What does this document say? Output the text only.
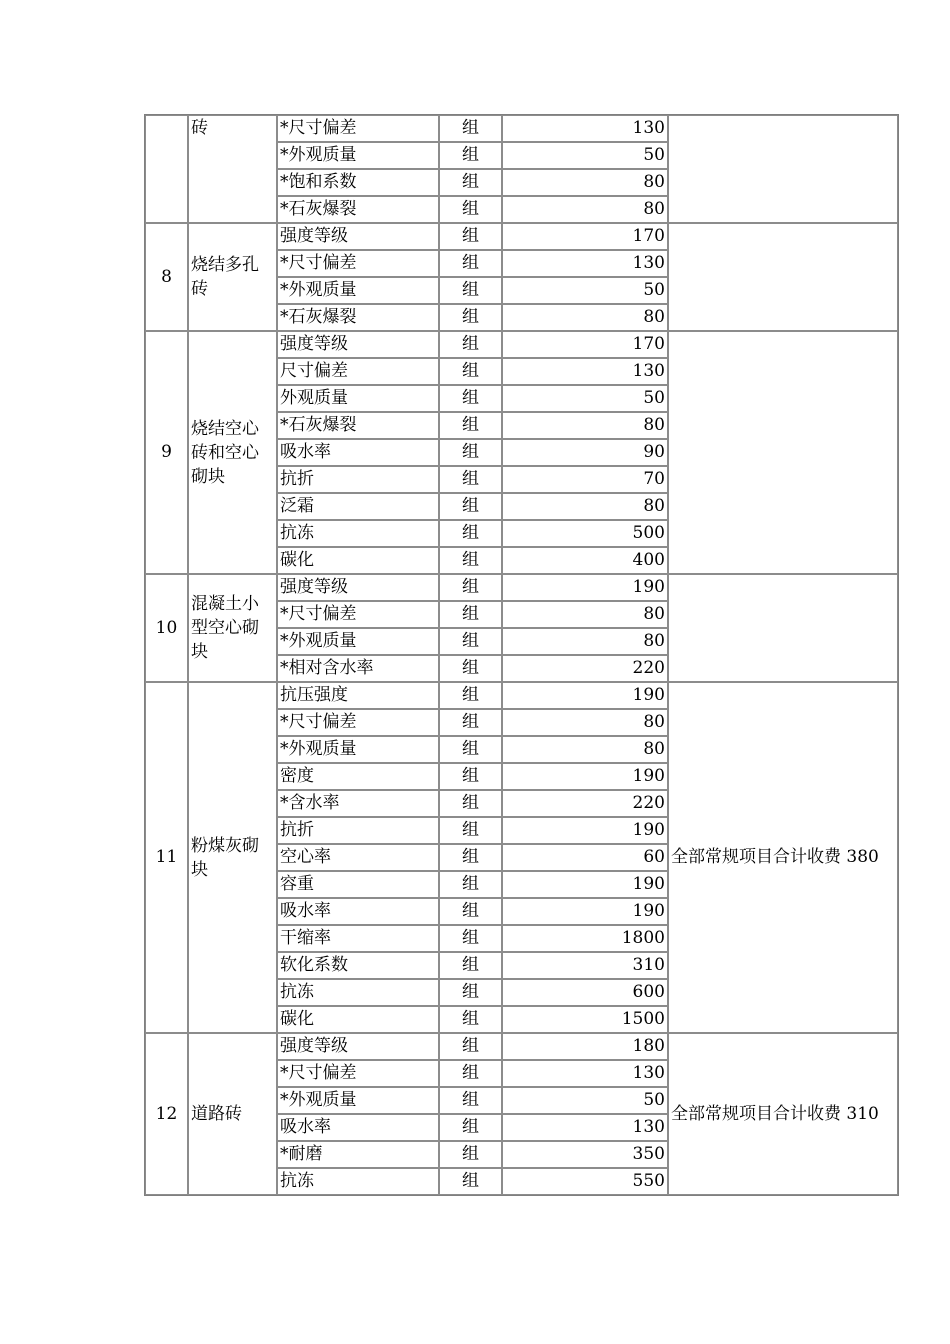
	砖	*尺寸偏差	组	130	
		*外观质量	组	50	
		*饱和系数	组	80	
		*石灰爆裂	组	80	
8	烧结多孔砖	强度等级	组	170	
		*尺寸偏差	组	130	
		*外观质量	组	50	
		*石灰爆裂	组	80	
9	烧结空心砖和空心砌块	强度等级	组	170	
		尺寸偏差	组	130	
		外观质量	组	50	
		*石灰爆裂	组	80	
		吸水率	组	90	
		抗折	组	70	
		泛霜	组	80	
		抗冻	组	500	
		碳化	组	400	
10	混凝土小型空心砌块	强度等级	组	190	
		*尺寸偏差	组	80	
		*外观质量	组	80	
		*相对含水率	组	220	
11	粉煤灰砌块	抗压强度	组	190	全部常规项目合计收费 380
		*尺寸偏差	组	80	
		*外观质量	组	80	
		密度	组	190	
		*含水率	组	220	
		抗折	组	190	
		空心率	组	60	
		容重	组	190	
		吸水率	组	190	
		干缩率	组	1800	
		软化系数	组	310	
		抗冻	组	600	
		碳化	组	1500	
12	道路砖	强度等级	组	180	全部常规项目合计收费 310
		*尺寸偏差	组	130	
		*外观质量	组	50	
		吸水率	组	130	
		*耐磨	组	350	
		抗冻	组	550	
